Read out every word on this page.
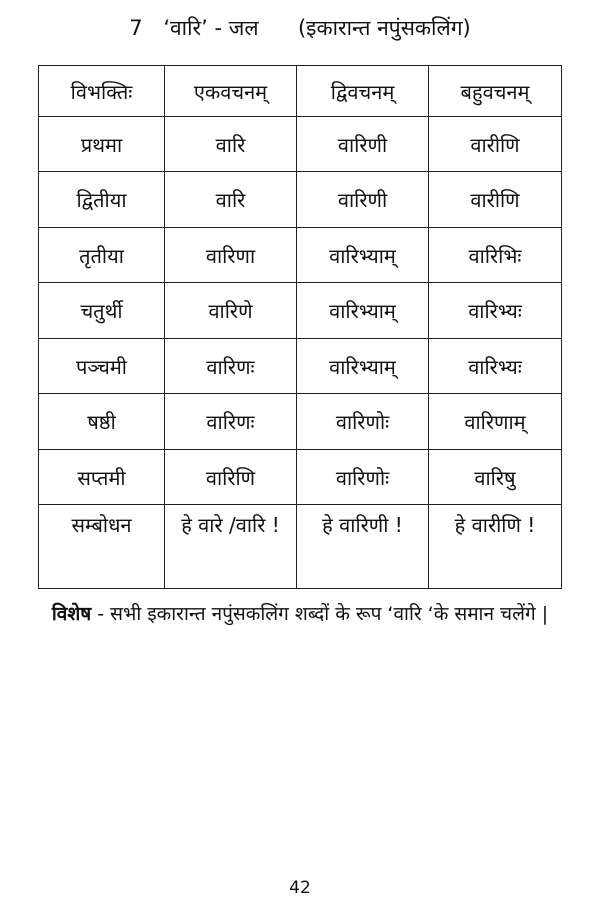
7 ‘वारि’ - जल (इकारान्त ‍नपुंसकलिंग)
विभक्तिः	एकवचनम्	द्विवचनम्	बहुवचनम्
प्रथमा	वारि	वारिणी	वारीणि
द्वितीया	वारि	वारिणी	वारीणि
तृतीया	वारिणा	वारिभ्याम्	वारिभिः
चतुर्थी	वारिणे	वारिभ्याम्	वारिभ्यः
पञ्चमी	वारिणः	वारिभ्याम्	वारिभ्यः
षष्ठी	वारिणः	वारिणोः	वारिणाम्
सप्तमी	वारिणि	वारिणोः	वारिषु
सम्बोधन	हे वारे /वारि !	हे वारिणी !	हे वारीणि !
विशेष - सभी इकारान्त नपुंसकलिंग शब्दों के रूप ‘वारि ‘के समान चलेंगे |
42
